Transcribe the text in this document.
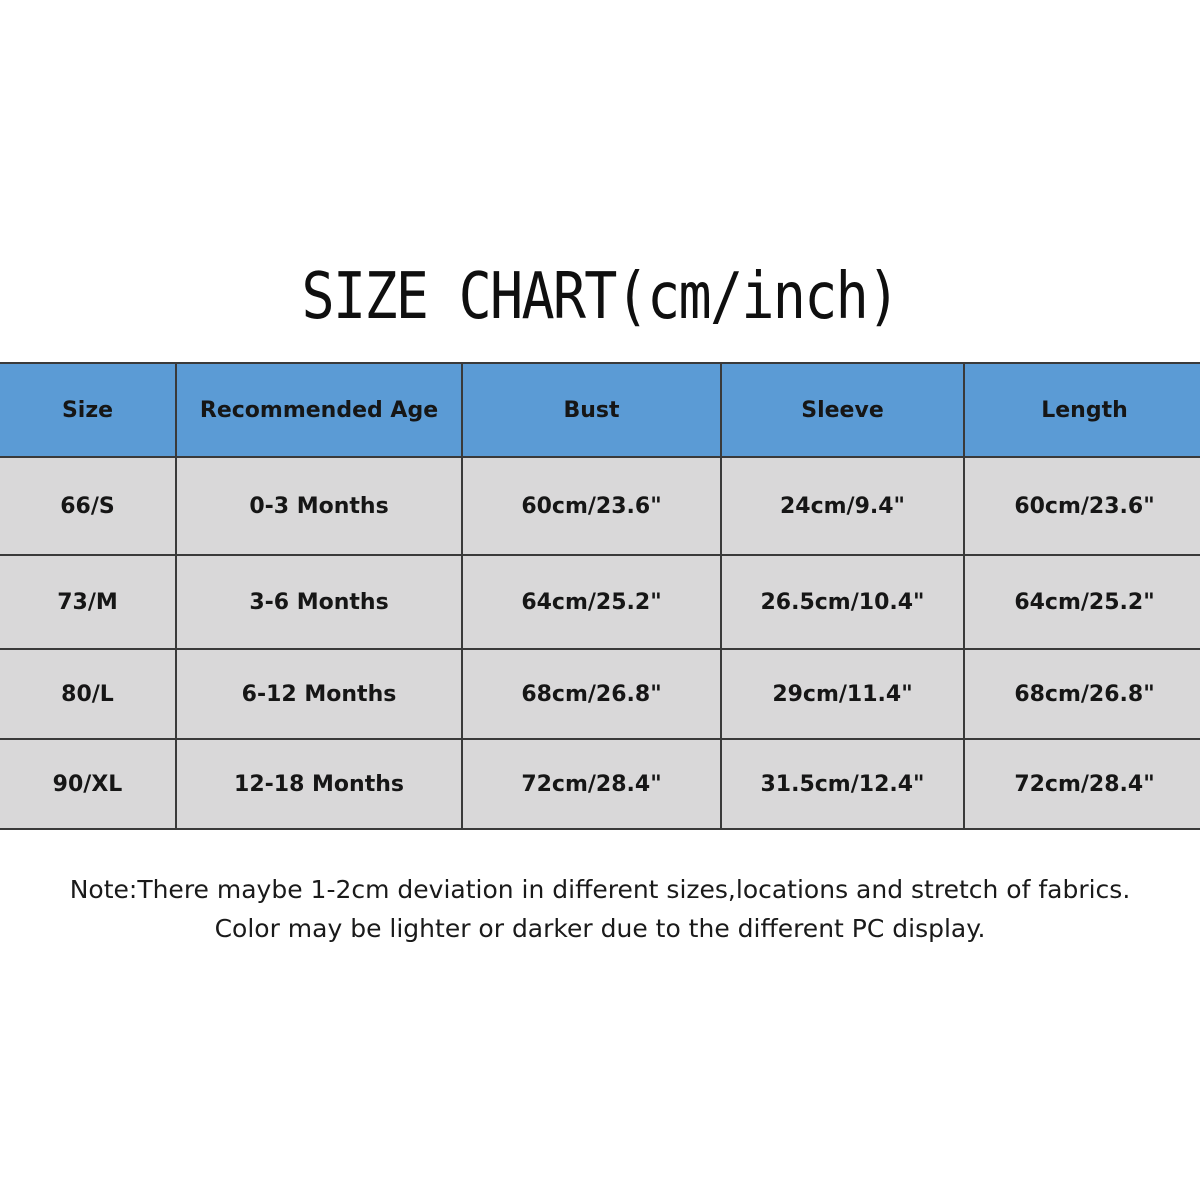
SIZE CHART(cm/inch)
Size	Recommended Age	Bust	Sleeve	Length
66/S	0-3 Months	60cm/23.6"	24cm/9.4"	60cm/23.6"
73/M	3-6 Months	64cm/25.2"	26.5cm/10.4"	64cm/25.2"
80/L	6-12 Months	68cm/26.8"	29cm/11.4"	68cm/26.8"
90/XL	12-18 Months	72cm/28.4"	31.5cm/12.4"	72cm/28.4"
Note:There maybe 1-2cm deviation in different sizes,locations and stretch of fabrics.
Color may be lighter or darker due to the different PC display.
